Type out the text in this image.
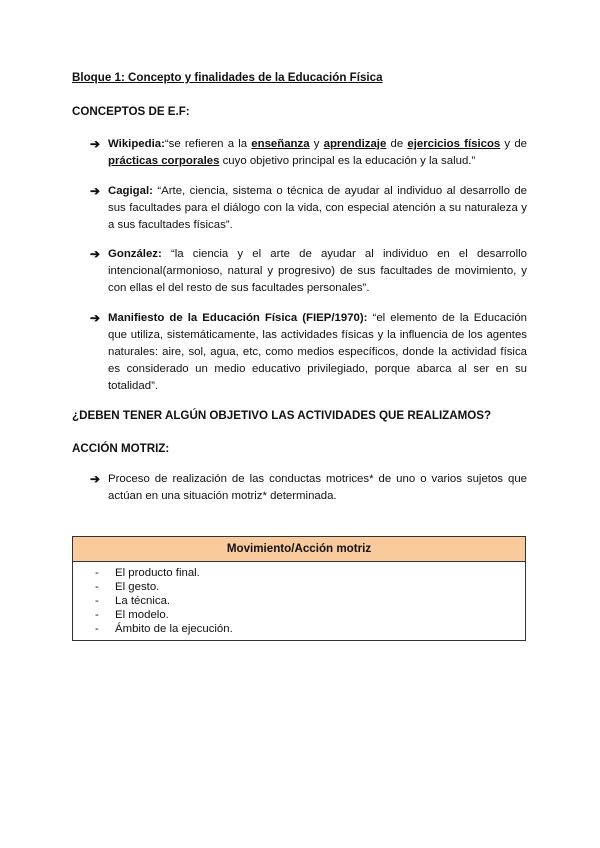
Bloque 1: Concepto y finalidades de la Educación Física
CONCEPTOS DE E.F:
➔ Wikipedia:“se refieren a la enseñanza y aprendizaje de ejercicios físicos y de prácticas corporales cuyo objetivo principal es la educación y la salud.”
➔ Cagigal: “Arte, ciencia, sistema o técnica de ayudar al individuo al desarrollo de sus facultades para el diálogo con la vida, con especial atención a su naturaleza y a sus facultades físicas”.
➔ González: “la ciencia y el arte de ayudar al individuo en el desarrollo intencional(armonioso, natural y progresivo) de sus facultades de movimiento, y con ellas el del resto de sus facultades personales”.
➔ Manifiesto de la Educación Física (FIEP/1970): “el elemento de la Educación que utiliza, sistemáticamente, las actividades físicas y la influencia de los agentes naturales: aire, sol, agua, etc, como medios específicos, donde la actividad física es considerado un medio educativo privilegiado, porque abarca al ser en su totalidad”.
¿DEBEN TENER ALGÚN OBJETIVO LAS ACTIVIDADES QUE REALIZAMOS?
ACCIÓN MOTRIZ:
➔ Proceso de realización de las conductas motrices* de uno o varios sujetos que actúan en una situación motriz* determinada.
Movimiento/Acción motriz
- El producto final.
- El gesto.
- La técnica.
- El modelo.
- Ámbito de la ejecución.
